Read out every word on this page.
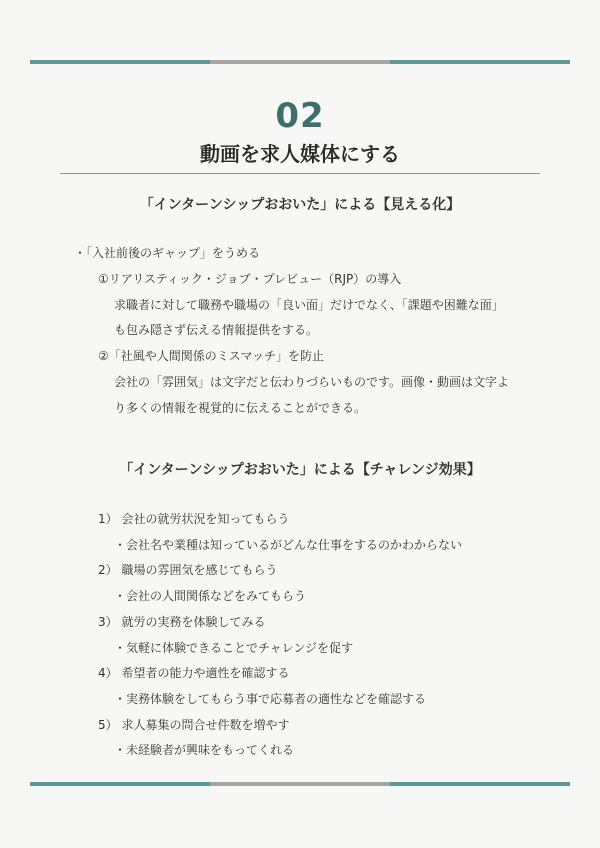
02
動画を求人媒体にする
「インターンシップおおいた」による【見える化】
・「入社前後のギャップ」をうめる
①リアリスティック・ジョブ・プレビュー（RJP）の導入
求職者に対して職務や職場の「良い面」だけでなく、「課題や困難な面」
も包み隠さず伝える情報提供をする。
②「社風や人間関係のミスマッチ」を防止
会社の「雰囲気」は文字だと伝わりづらいものです。画像・動画は文字よ
り多くの情報を視覚的に伝えることができる。
「インターンシップおおいた」による【チャレンジ効果】
1） 会社の就労状況を知ってもらう
・会社名や業種は知っているがどんな仕事をするのかわからない
2） 職場の雰囲気を感じてもらう
・会社の人間関係などをみてもらう
3） 就労の実務を体験してみる
・気軽に体験できることでチャレンジを促す
4） 希望者の能力や適性を確認する
・実務体験をしてもらう事で応募者の適性などを確認する
5） 求人募集の問合せ件数を増やす
・未経験者が興味をもってくれる
